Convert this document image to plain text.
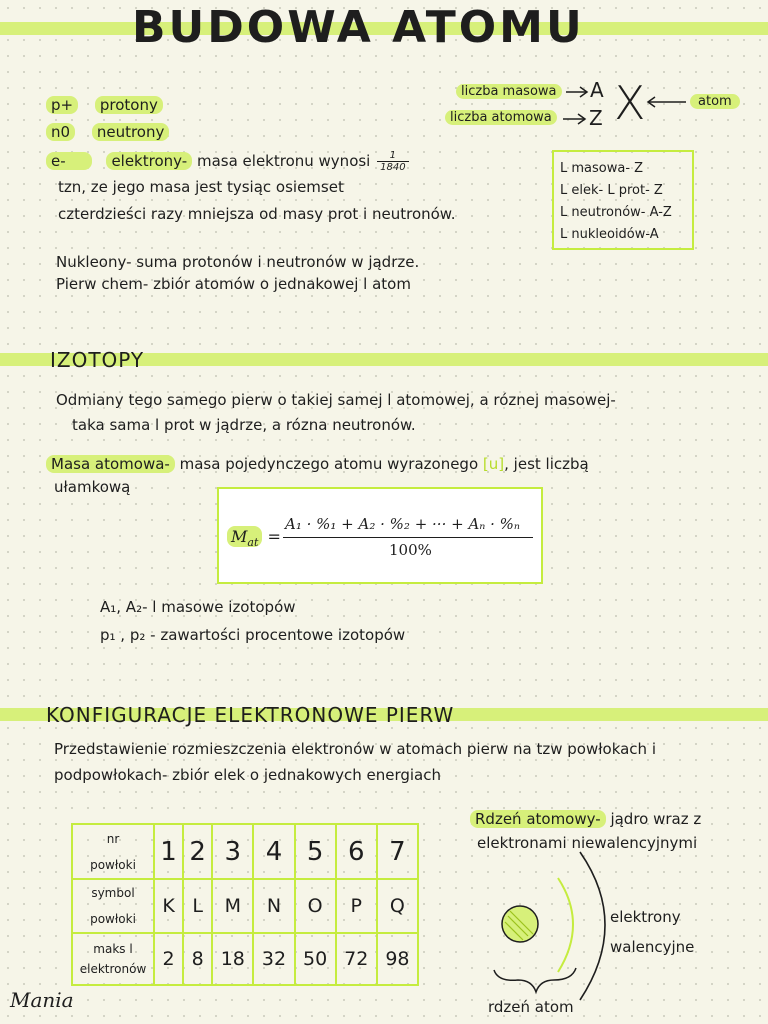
BUDOWA ATOMU
p+ protony
n0 neutrony
e-	elektrony- masa elektronu wynosi $\frac{1}{1840}$
tzn, ze jego masa jest tysiąc osiemset
czterdzieści razy mniejsza od masy prot i neutronów.
Nukleony- suma protonów i neutronów w jądrze.
Pierw chem- zbiór atomów o jednakowej l atom
liczba masowa
liczba atomowa
A
Z X	atom
L masowa- Z
L elek- L prot- Z
L neutronów- A-Z
L nukleoidów-A
IZOTOPY
Odmiany tego samego pierw o takiej samej l atomowej, a róznej masowej-
taka sama l prot w jądrze, a rózna neutronów.
Masa atomowa- masa pojedynczego atomu wyrazonego [u], jest liczbą
ułamkową
$M_{at}$ =
A₁ · %₁ + A₂ · %₂ + ··· + Aₙ · %ₙ
100%
A₁, A₂- l masowe izotopów
p₁ , p₂ - zawartości procentowe izotopów
KONFIGURACJE ELEKTRONOWE PIERW
Przedstawienie rozmieszczenia elektronów w atomach pierw na tzw powłokach i
podpowłokach- zbiór elek o jednakowych energiach
nr
powłoki	1	2	3	4	5	6	7

symbol
powłoki	K	L	M	N	O	P	Q

maks l
elektronów	2	8	18	32	50	72	98
Rdzeń atomowy- jądro wraz z
elektronami niewalencyjnymi
elektrony
walencyjne
rdzeń atom
Mania
